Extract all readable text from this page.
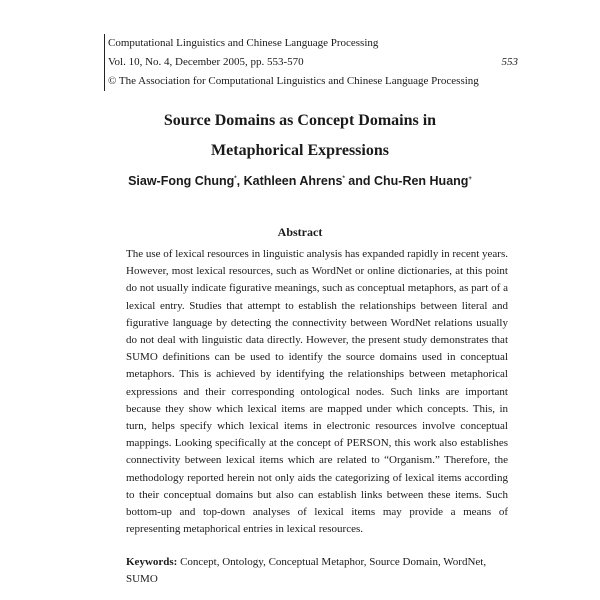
Computational Linguistics and Chinese Language Processing
Vol. 10, No. 4, December 2005, pp. 553-570
© The Association for Computational Linguistics and Chinese Language Processing
553
Source Domains as Concept Domains in
Metaphorical Expressions
Siaw-Fong Chung*, Kathleen Ahrens* and Chu-Ren Huang+
Abstract
The use of lexical resources in linguistic analysis has expanded rapidly in recent years. However, most lexical resources, such as WordNet or online dictionaries, at this point do not usually indicate figurative meanings, such as conceptual metaphors, as part of a lexical entry. Studies that attempt to establish the relationships between literal and figurative language by detecting the connectivity between WordNet relations usually do not deal with linguistic data directly. However, the present study demonstrates that SUMO definitions can be used to identify the source domains used in conceptual metaphors. This is achieved by identifying the relationships between metaphorical expressions and their corresponding ontological nodes. Such links are important because they show which lexical items are mapped under which concepts. This, in turn, helps specify which lexical items in electronic resources involve conceptual mappings. Looking specifically at the concept of PERSON, this work also establishes connectivity between lexical items which are related to “Organism.” Therefore, the methodology reported herein not only aids the categorizing of lexical items according to their conceptual domains but also can establish links between these items. Such bottom-up and top-down analyses of lexical items may provide a means of representing metaphorical entries in lexical resources.
Keywords: Concept, Ontology, Conceptual Metaphor, Source Domain, WordNet, SUMO
